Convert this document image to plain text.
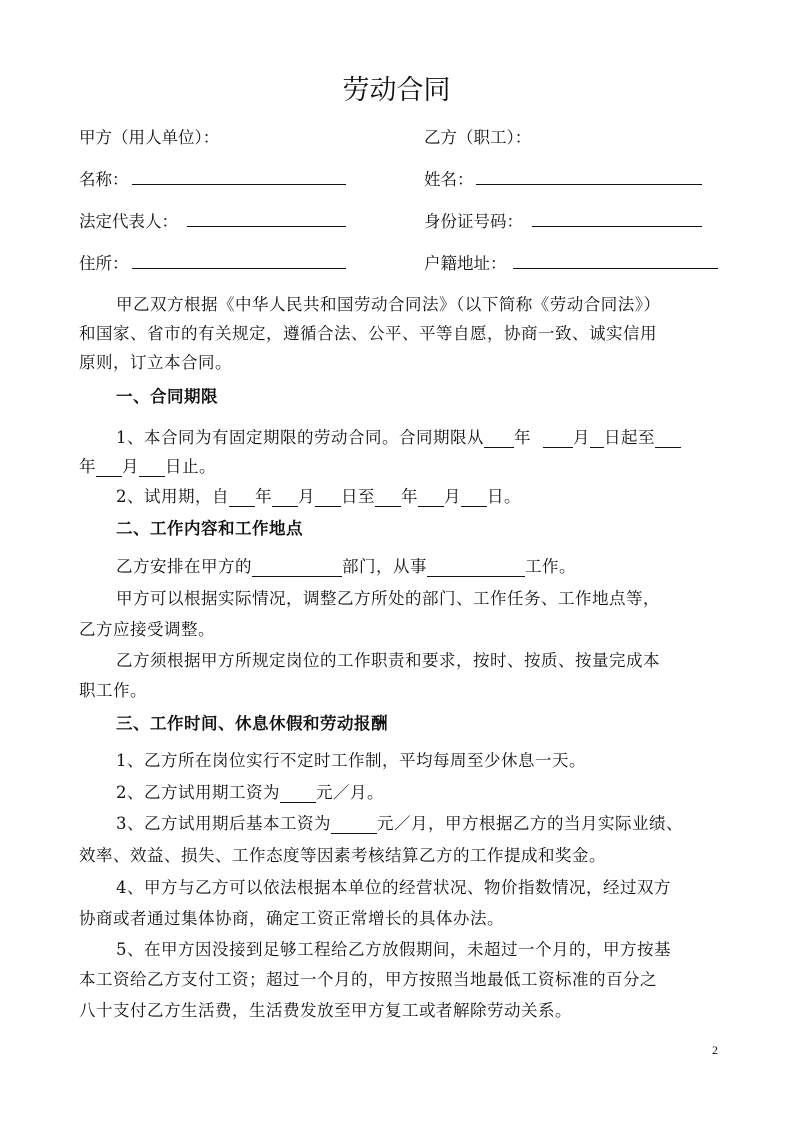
劳动合同
甲方（用人单位）：	乙方（职工）：
名称：	姓名：
法定代表人：	身份证号码：
住所：	户籍地址：
甲乙双方根据《中华人民共和国劳动合同法》（以下简称《劳动合同法》）
和国家、省市的有关规定，遵循合法、公平、平等自愿，协商一致、诚实信用
原则，订立本合同。
一、合同期限
1、本合同为有固定期限的劳动合同。合同期限从 年	月 日起至
年 月 日止。
2、试用期，自 年 月 日至 年 月 日。
二、工作内容和工作地点
乙方安排在甲方的	部门，从事	工作。
甲方可以根据实际情况，调整乙方所处的部门、工作任务、工作地点等，
乙方应接受调整。
乙方须根据甲方所规定岗位的工作职责和要求，按时、按质、按量完成本
职工作。
三、工作时间、休息休假和劳动报酬
1、乙方所在岗位实行不定时工作制，平均每周至少休息一天。
2、乙方试用期工资为 元／月。
3、乙方试用期后基本工资为	元／月，甲方根据乙方的当月实际业绩、
效率、效益、损失、工作态度等因素考核结算乙方的工作提成和奖金。
4、甲方与乙方可以依法根据本单位的经营状况、物价指数情况，经过双方
协商或者通过集体协商，确定工资正常增长的具体办法。
5、在甲方因没接到足够工程给乙方放假期间，未超过一个月的，甲方按基
本工资给乙方支付工资；超过一个月的，甲方按照当地最低工资标准的百分之
八十支付乙方生活费，生活费发放至甲方复工或者解除劳动关系。
2
